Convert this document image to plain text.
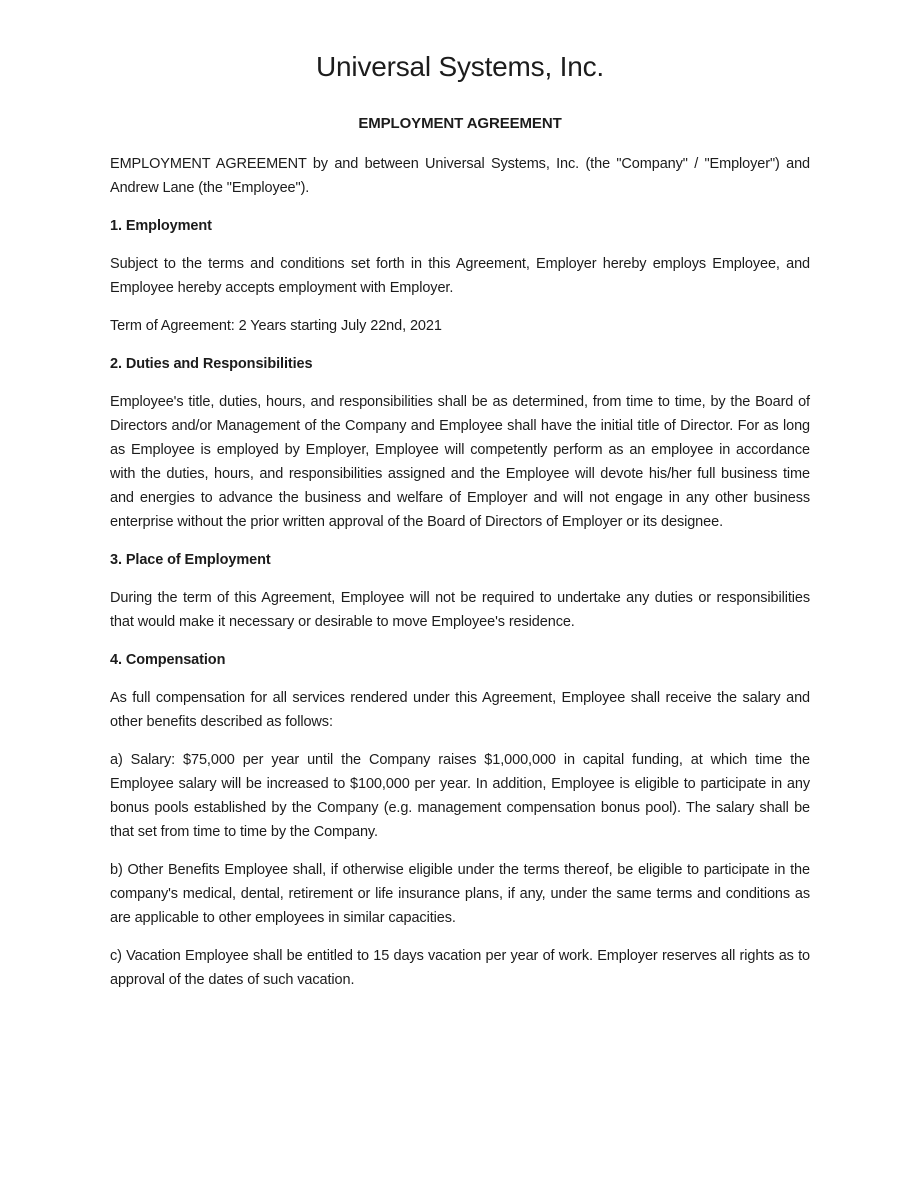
Universal Systems, Inc.
EMPLOYMENT AGREEMENT

EMPLOYMENT AGREEMENT by and between Universal Systems, Inc. (the "Company" / "Employer") and Andrew Lane (the "Employee").

1. Employment

Subject to the terms and conditions set forth in this Agreement, Employer hereby employs Employee, and Employee hereby accepts employment with Employer.

Term of Agreement: 2 Years starting July 22nd, 2021

2. Duties and Responsibilities

Employee's title, duties, hours, and responsibilities shall be as determined, from time to time, by the Board of Directors and/or Management of the Company and Employee shall have the initial title of Director. For as long as Employee is employed by Employer, Employee will competently perform as an employee in accordance with the duties, hours, and responsibilities assigned and the Employee will devote his/her full business time and energies to advance the business and welfare of Employer and will not engage in any other business enterprise without the prior written approval of the Board of Directors of Employer or its designee.

3. Place of Employment

During the term of this Agreement, Employee will not be required to undertake any duties or responsibilities that would make it necessary or desirable to move Employee's residence.

4. Compensation

As full compensation for all services rendered under this Agreement, Employee shall receive the salary and other benefits described as follows:

a) Salary: $75,000 per year until the Company raises $1,000,000 in capital funding, at which time the Employee salary will be increased to $100,000 per year. In addition, Employee is eligible to participate in any bonus pools established by the Company (e.g. management compensation bonus pool). The salary shall be that set from time to time by the Company.

b) Other Benefits Employee shall, if otherwise eligible under the terms thereof, be eligible to participate in the company's medical, dental, retirement or life insurance plans, if any, under the same terms and conditions as are applicable to other employees in similar capacities.

c) Vacation Employee shall be entitled to 15 days vacation per year of work. Employer reserves all rights as to approval of the dates of such vacation.
